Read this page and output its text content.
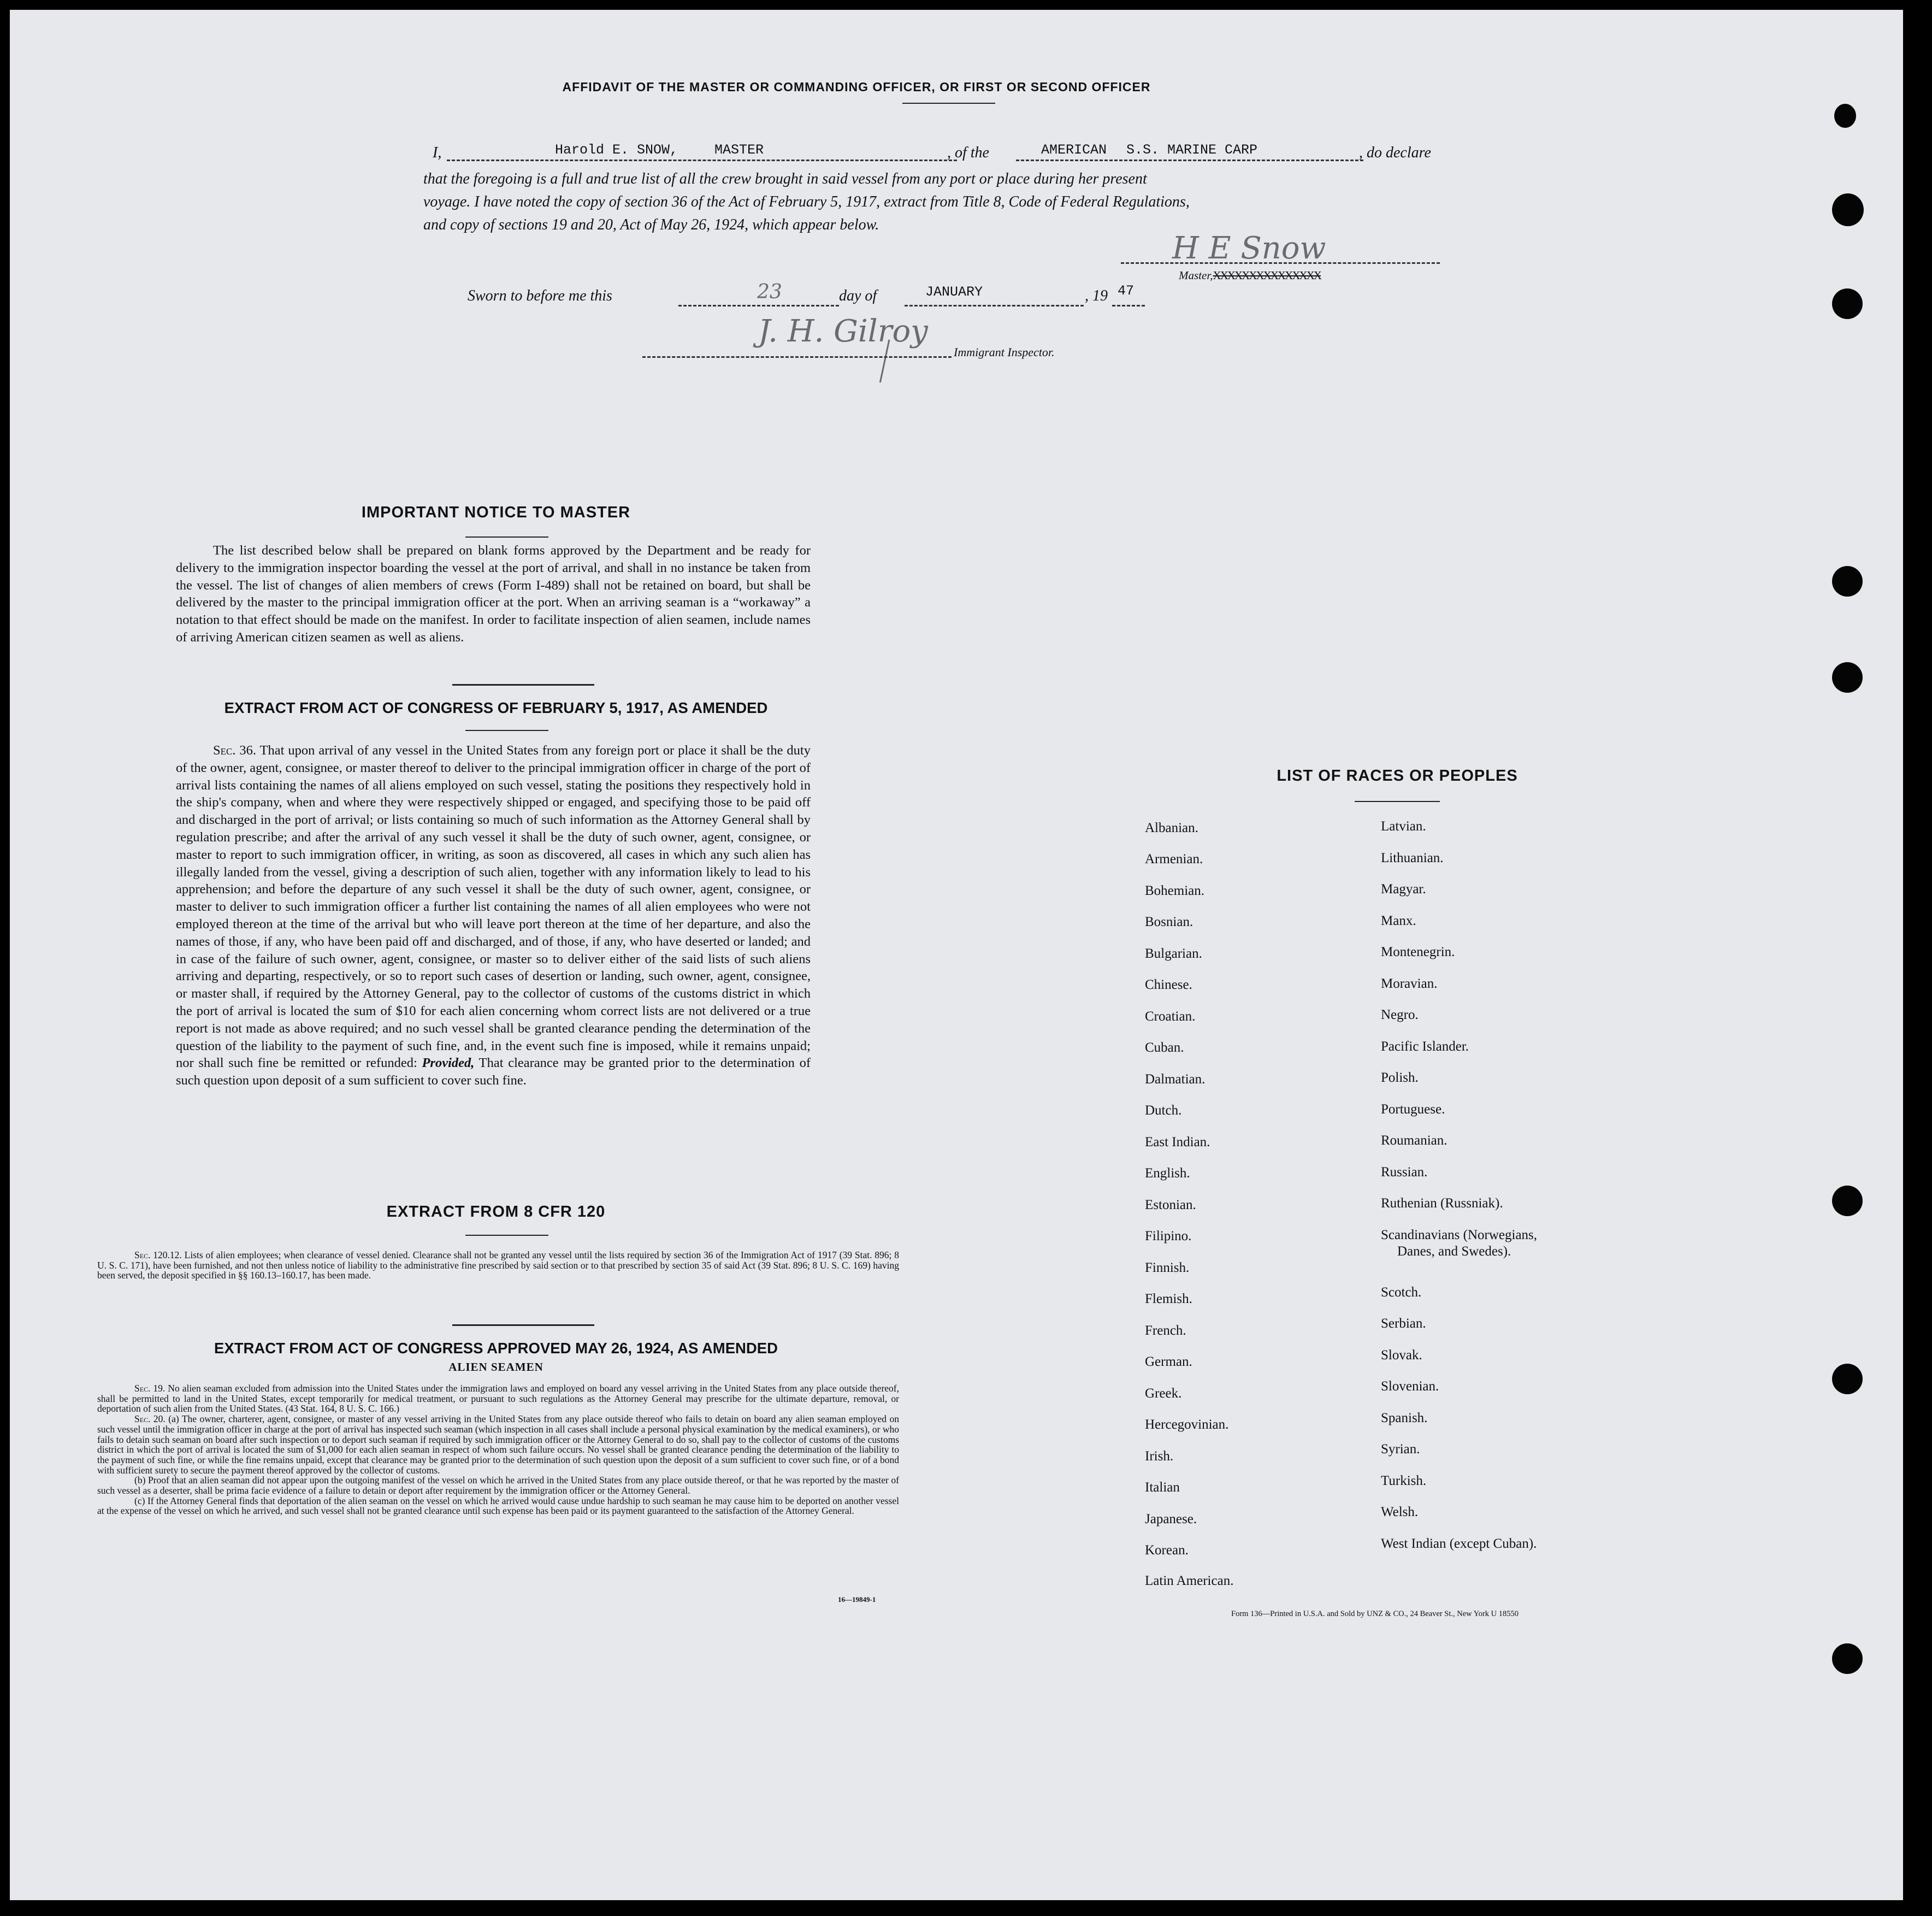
AFFIDAVIT OF THE MASTER OR COMMANDING OFFICER, OR FIRST OR SECOND OFFICER
I,	Harold E. SNOW,	MASTER	, of the	AMERICAN S.S. MARINE CARP	, do declare
that the foregoing is a full and true list of all the crew brought in said vessel from any port or place during her present
voyage. I have noted the copy of section 36 of the Act of February 5, 1917, extract from Title 8, Code of Federal Regulations,
and copy of sections 19 and 20, Act of May 26, 1924, which appear below.
H E Snow
Master,XXXXXXXXXXXXXXX
Sworn to before me this	23	day of	JANUARY	, 19 47
J. H. Gilroy
Immigrant Inspector.
IMPORTANT NOTICE TO MASTER

The list described below shall be prepared on blank forms approved by the Department and be ready for delivery to the immigration inspector boarding the vessel at the port of arrival, and shall in no instance be taken from the vessel. The list of changes of alien members of crews (Form I-489) shall not be retained on board, but shall be delivered by the master to the principal immigration officer at the port. When an arriving seaman is a “workaway” a notation to that effect should be made on the manifest. In order to facilitate inspection of alien seamen, include names of arriving American citizen seamen as well as aliens.

EXTRACT FROM ACT OF CONGRESS OF FEBRUARY 5, 1917, AS AMENDED

Sec. 36. That upon arrival of any vessel in the United States from any foreign port or place it shall be the duty of the owner, agent, consignee, or master thereof to deliver to the principal immigration officer in charge of the port of arrival lists containing the names of all aliens employed on such vessel, stating the positions they respectively hold in the ship's company, when and where they were respectively shipped or engaged, and specifying those to be paid off and discharged in the port of arrival; or lists containing so much of such information as the Attorney General shall by regulation prescribe; and after the arrival of any such vessel it shall be the duty of such owner, agent, consignee, or master to report to such immigration officer, in writing, as soon as discovered, all cases in which any such alien has illegally landed from the vessel, giving a description of such alien, together with any information likely to lead to his apprehension; and before the departure of any such vessel it shall be the duty of such owner, agent, consignee, or master to deliver to such immigration officer a further list containing the names of all alien employees who were not employed thereon at the time of the arrival but who will leave port thereon at the time of her departure, and also the names of those, if any, who have been paid off and discharged, and of those, if any, who have deserted or landed; and in case of the failure of such owner, agent, consignee, or master so to deliver either of the said lists of such aliens arriving and departing, respectively, or so to report such cases of desertion or landing, such owner, agent, consignee, or master shall, if required by the Attorney General, pay to the collector of customs of the customs district in which the port of arrival is located the sum of $10 for each alien concerning whom correct lists are not delivered or a true report is not made as above required; and no such vessel shall be granted clearance pending the determination of the question of the liability to the payment of such fine, and, in the event such fine is imposed, while it remains unpaid; nor shall such fine be remitted or refunded: Provided, That clearance may be granted prior to the determination of such question upon deposit of a sum sufficient to cover such fine.

EXTRACT FROM 8 CFR 120

Sec. 120.12. Lists of alien employees; when clearance of vessel denied. Clearance shall not be granted any vessel until the lists required by section 36 of the Immigration Act of 1917 (39 Stat. 896; 8 U. S. C. 171), have been furnished, and not then unless notice of liability to the administrative fine prescribed by said section or to that prescribed by section 35 of said Act (39 Stat. 896; 8 U. S. C. 169) having been served, the deposit specified in §§ 160.13–160.17, has been made.

EXTRACT FROM ACT OF CONGRESS APPROVED MAY 26, 1924, AS AMENDED
ALIEN SEAMEN

Sec. 19. No alien seaman excluded from admission into the United States under the immigration laws and employed on board any vessel arriving in the United States from any place outside thereof, shall be permitted to land in the United States, except temporarily for medical treatment, or pursuant to such regulations as the Attorney General may prescribe for the ultimate departure, removal, or deportation of such alien from the United States. (43 Stat. 164, 8 U. S. C. 166.)

Sec. 20. (a) The owner, charterer, agent, consignee, or master of any vessel arriving in the United States from any place outside thereof who fails to detain on board any alien seaman employed on such vessel until the immigration officer in charge at the port of arrival has inspected such seaman (which inspection in all cases shall include a personal physical examination by the medical examiners), or who fails to detain such seaman on board after such inspection or to deport such seaman if required by such immigration officer or the Attorney General to do so, shall pay to the collector of customs of the customs district in which the port of arrival is located the sum of $1,000 for each alien seaman in respect of whom such failure occurs. No vessel shall be granted clearance pending the determination of the liability to the payment of such fine, or while the fine remains unpaid, except that clearance may be granted prior to the determination of such question upon the deposit of a sum sufficient to cover such fine, or of a bond with sufficient surety to secure the payment thereof approved by the collector of customs.

(b) Proof that an alien seaman did not appear upon the outgoing manifest of the vessel on which he arrived in the United States from any place outside thereof, or that he was reported by the master of such vessel as a deserter, shall be prima facie evidence of a failure to detain or deport after requirement by the immigration officer or the Attorney General.

(c) If the Attorney General finds that deportation of the alien seaman on the vessel on which he arrived would cause undue hardship to such seaman he may cause him to be deported on another vessel at the expense of the vessel on which he arrived, and such vessel shall not be granted clearance until such expense has been paid or its payment guaranteed to the satisfaction of the Attorney General.

16—19849-1
LIST OF RACES OR PEOPLES
Albanian.
Armenian.
Bohemian.
Bosnian.
Bulgarian.
Chinese.
Croatian.
Cuban.
Dalmatian.
Dutch.
East Indian.
English.
Estonian.
Filipino.
Finnish.
Flemish.
French.
German.
Greek.
Hercegovinian.
Irish.
Italian
Japanese.
Korean.
Latin American.
Latvian.
Lithuanian.
Magyar.
Manx.
Montenegrin.
Moravian.
Negro.
Pacific Islander.
Polish.
Portuguese.
Roumanian.
Russian.
Ruthenian (Russniak).
Scandinavians (Norwegians,
Danes, and Swedes).
Scotch.
Serbian.
Slovak.
Slovenian.
Spanish.
Syrian.
Turkish.
Welsh.
West Indian (except Cuban).
Form 136—Printed in U.S.A. and Sold by UNZ & CO., 24 Beaver St., New York U 18550
